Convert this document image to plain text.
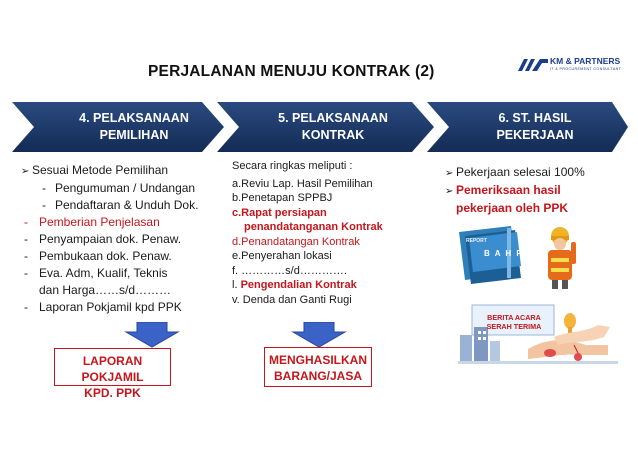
PERJALANAN MENUJU KONTRAK (2)
KM & PARTNERS
IT & PROCUREMENT CONSULTANT
4. PELAKSANAAN
PEMILIHAN
5. PELAKSANAAN
KONTRAK
6. ST. HASIL
PEKERJAAN
➢ Sesuai Metode Pemilihan
- Pengumuman / Undangan
- Pendaftaran & Unduh Dok.
- Pemberian Penjelasan
- Penyampaian dok. Penaw.
- Pembukaan dok. Penaw.
- Eva. Adm, Kualif, Teknis
dan Harga……s/d………
- Laporan Pokjamil kpd PPK
Secara ringkas meliputi :
a.Reviu Lap. Hasil Pemilihan
b.Penetapan SPPBJ
c.Rapat persiapan
penandatanganan Kontrak
d.Penandatangan Kontrak
e.Penyerahan lokasi
f. …………s/d………….
l. Pengendalian Kontrak
v. Denda dan Ganti Rugi
➢ Pekerjaan selesai 100%
➢ Pemeriksaan hasil
pekerjaan oleh PPK
LAPORAN POKJAMIL
KPD. PPK
MENGHASILKAN
BARANG/JASA
REPORT
B A H P
BERITA ACARA
SERAH TERIMA
